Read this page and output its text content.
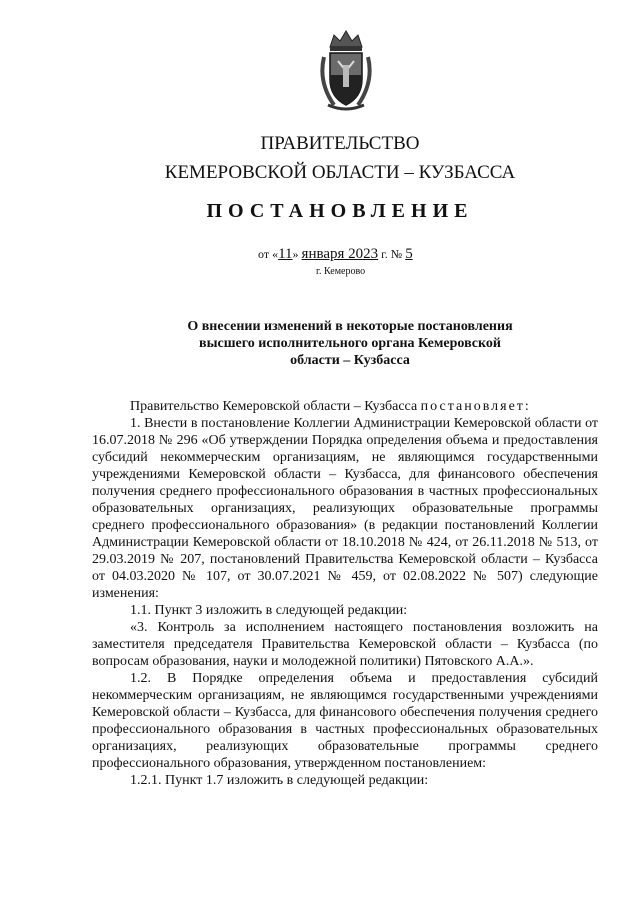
ПРАВИТЕЛЬСТВО
КЕМЕРОВСКОЙ ОБЛАСТИ – КУЗБАССА
ПОСТАНОВЛЕНИЕ
от «11» января 2023 г. № 5
г. Кемерово
О внесении изменений в некоторые постановления
высшего исполнительного органа Кемеровской
области – Кузбасса

Правительство Кемеровской области – Кузбасса постановляет:

1. Внести в постановление Коллегии Администрации Кемеровской области от 16.07.2018 № 296 «Об утверждении Порядка определения объема и предоставления субсидий некоммерческим организациям, не являющимся государственными учреждениями Кемеровской области – Кузбасса, для финансового обеспечения получения среднего профессионального образования в частных профессиональных образовательных организациях, реализующих образовательные программы среднего профессионального образования» (в редакции постановлений Коллегии Администрации Кемеровской области от 18.10.2018 № 424, от 26.11.2018 № 513, от 29.03.2019 № 207, постановлений Правительства Кемеровской области – Кузбасса от 04.03.2020 № 107, от 30.07.2021 № 459, от 02.08.2022 № 507) следующие изменения:

1.1. Пункт 3 изложить в следующей редакции:

«3. Контроль за исполнением настоящего постановления возложить на заместителя председателя Правительства Кемеровской области – Кузбасса (по вопросам образования, науки и молодежной политики) Пятовского А.А.».

1.2. В Порядке определения объема и предоставления субсидий некоммерческим организациям, не являющимся государственными учреждениями Кемеровской области – Кузбасса, для финансового обеспечения получения среднего профессионального образования в частных профессиональных образовательных организациях, реализующих образовательные программы среднего профессионального образования, утвержденном постановлением:

1.2.1. Пункт 1.7 изложить в следующей редакции:
